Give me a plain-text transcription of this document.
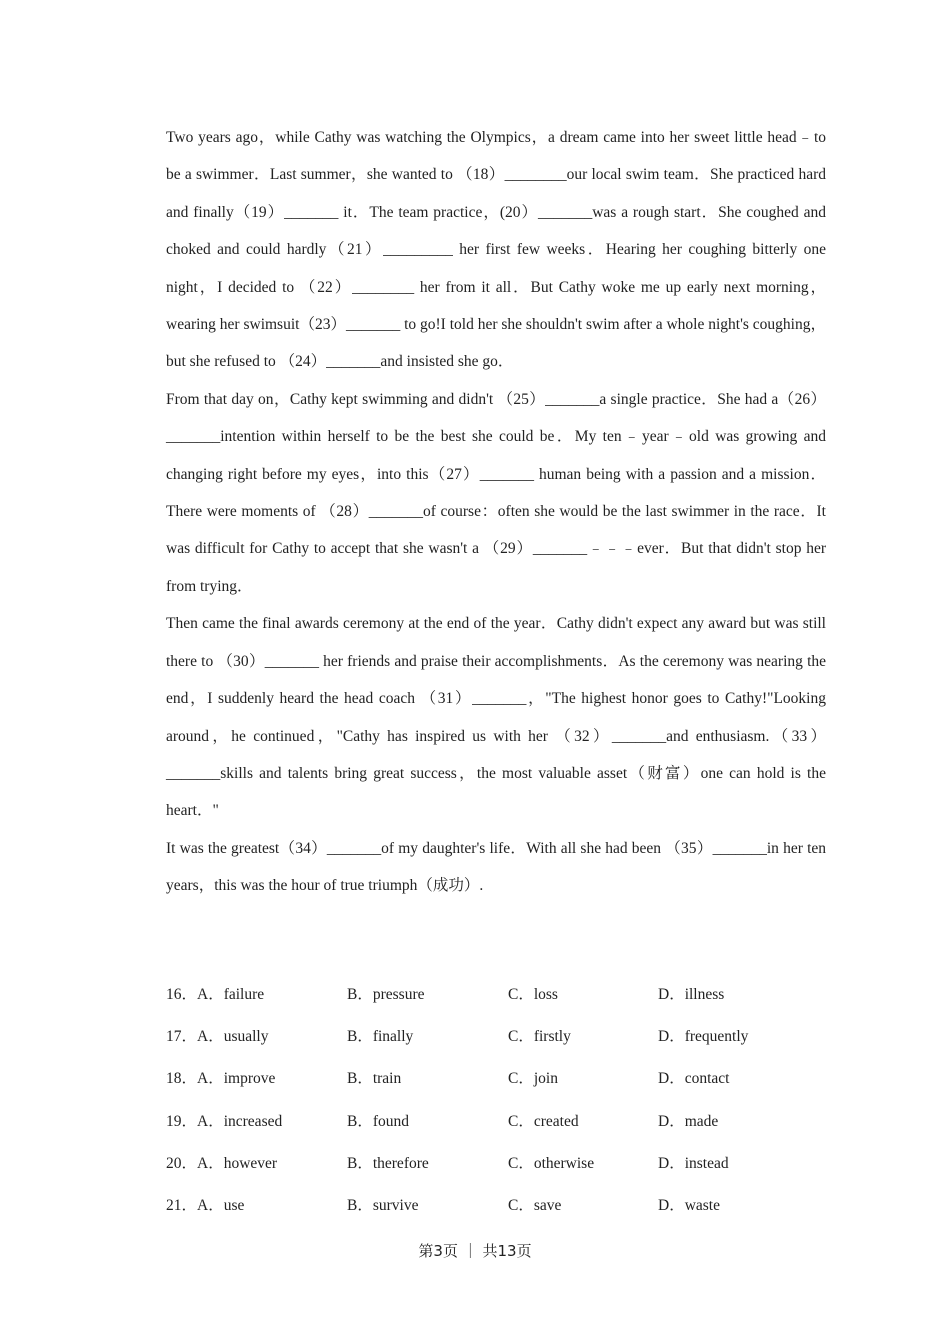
Two years ago，while Cathy was watching the Olympics，a dream came into her sweet little head﹣to be a swimmer．Last summer，she wanted to （18）________our local swim team．She practiced hard and finally（19）_______ it．The team practice，(20）_______was a rough start．She coughed and choked and could hardly（21）_________ her first few weeks．Hearing her coughing bitterly one night，I decided to （22）________ her from it all．But Cathy woke me up early next morning，wearing her swimsuit（23）_______ to go!I told her she shouldn't swim after a whole night's coughing，but she refused to （24）_______and insisted she go．

From that day on，Cathy kept swimming and didn't （25）_______a single practice．She had a（26）_______intention within herself to be the best she could be．My ten﹣year﹣old was growing and changing right before my eyes，into this（27）_______ human being with a passion and a mission．There were moments of （28）_______of course：often she would be the last swimmer in the race．It was difficult for Cathy to accept that she wasn't a （29）_______﹣﹣﹣ever．But that didn't stop her from trying．

Then came the final awards ceremony at the end of the year．Cathy didn't expect any award but was still there to （30）_______ her friends and praise their accomplishments．As the ceremony was nearing the end，I suddenly heard the head coach （31）_______，"The highest honor goes to Cathy!"Looking around，he continued，"Cathy has inspired us with her （32）_______and enthusiasm.（33）_______skills and talents bring great success，the most valuable asset（财富）one can hold is the heart．"

It was the greatest（34）_______of my daughter's life．With all she had been （35）_______in her ten years，this was the hour of true triumph（成功）.

16．A．failure	B．pressure	C．loss	D．illness
17．A．usually	B．finally	C．firstly	D．frequently
18．A．improve	B．train	C．join	D．contact
19．A．increased	B．found	C．created	D．made
20．A．however	B．therefore	C．otherwise	D．instead
21．A．use	B．survive	C．save	D．waste
第3页 ｜ 共13页
